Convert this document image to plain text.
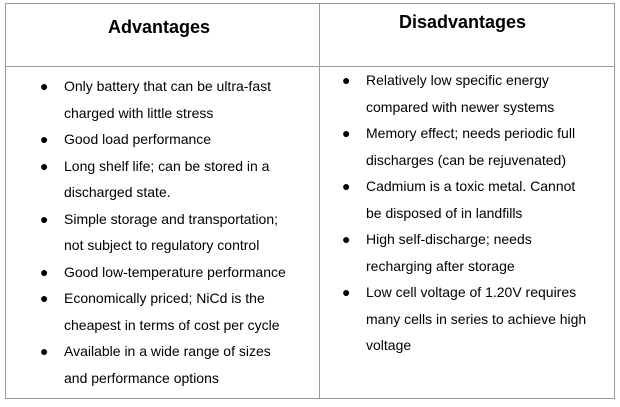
Advantages	Disadvantages
● Only battery that can be ultra-fast
charged with little stress
● Good load performance
● Long shelf life; can be stored in a
discharged state.
● Simple storage and transportation;
not subject to regulatory control
● Good low-temperature performance
● Economically priced; NiCd is the
cheapest in terms of cost per cycle
● Available in a wide range of sizes
and performance options
● Relatively low specific energy
compared with newer systems
● Memory effect; needs periodic full
discharges (can be rejuvenated)
● Cadmium is a toxic metal. Cannot
be disposed of in landfills
● High self-discharge; needs
recharging after storage
● Low cell voltage of 1.20V requires
many cells in series to achieve high
voltage
